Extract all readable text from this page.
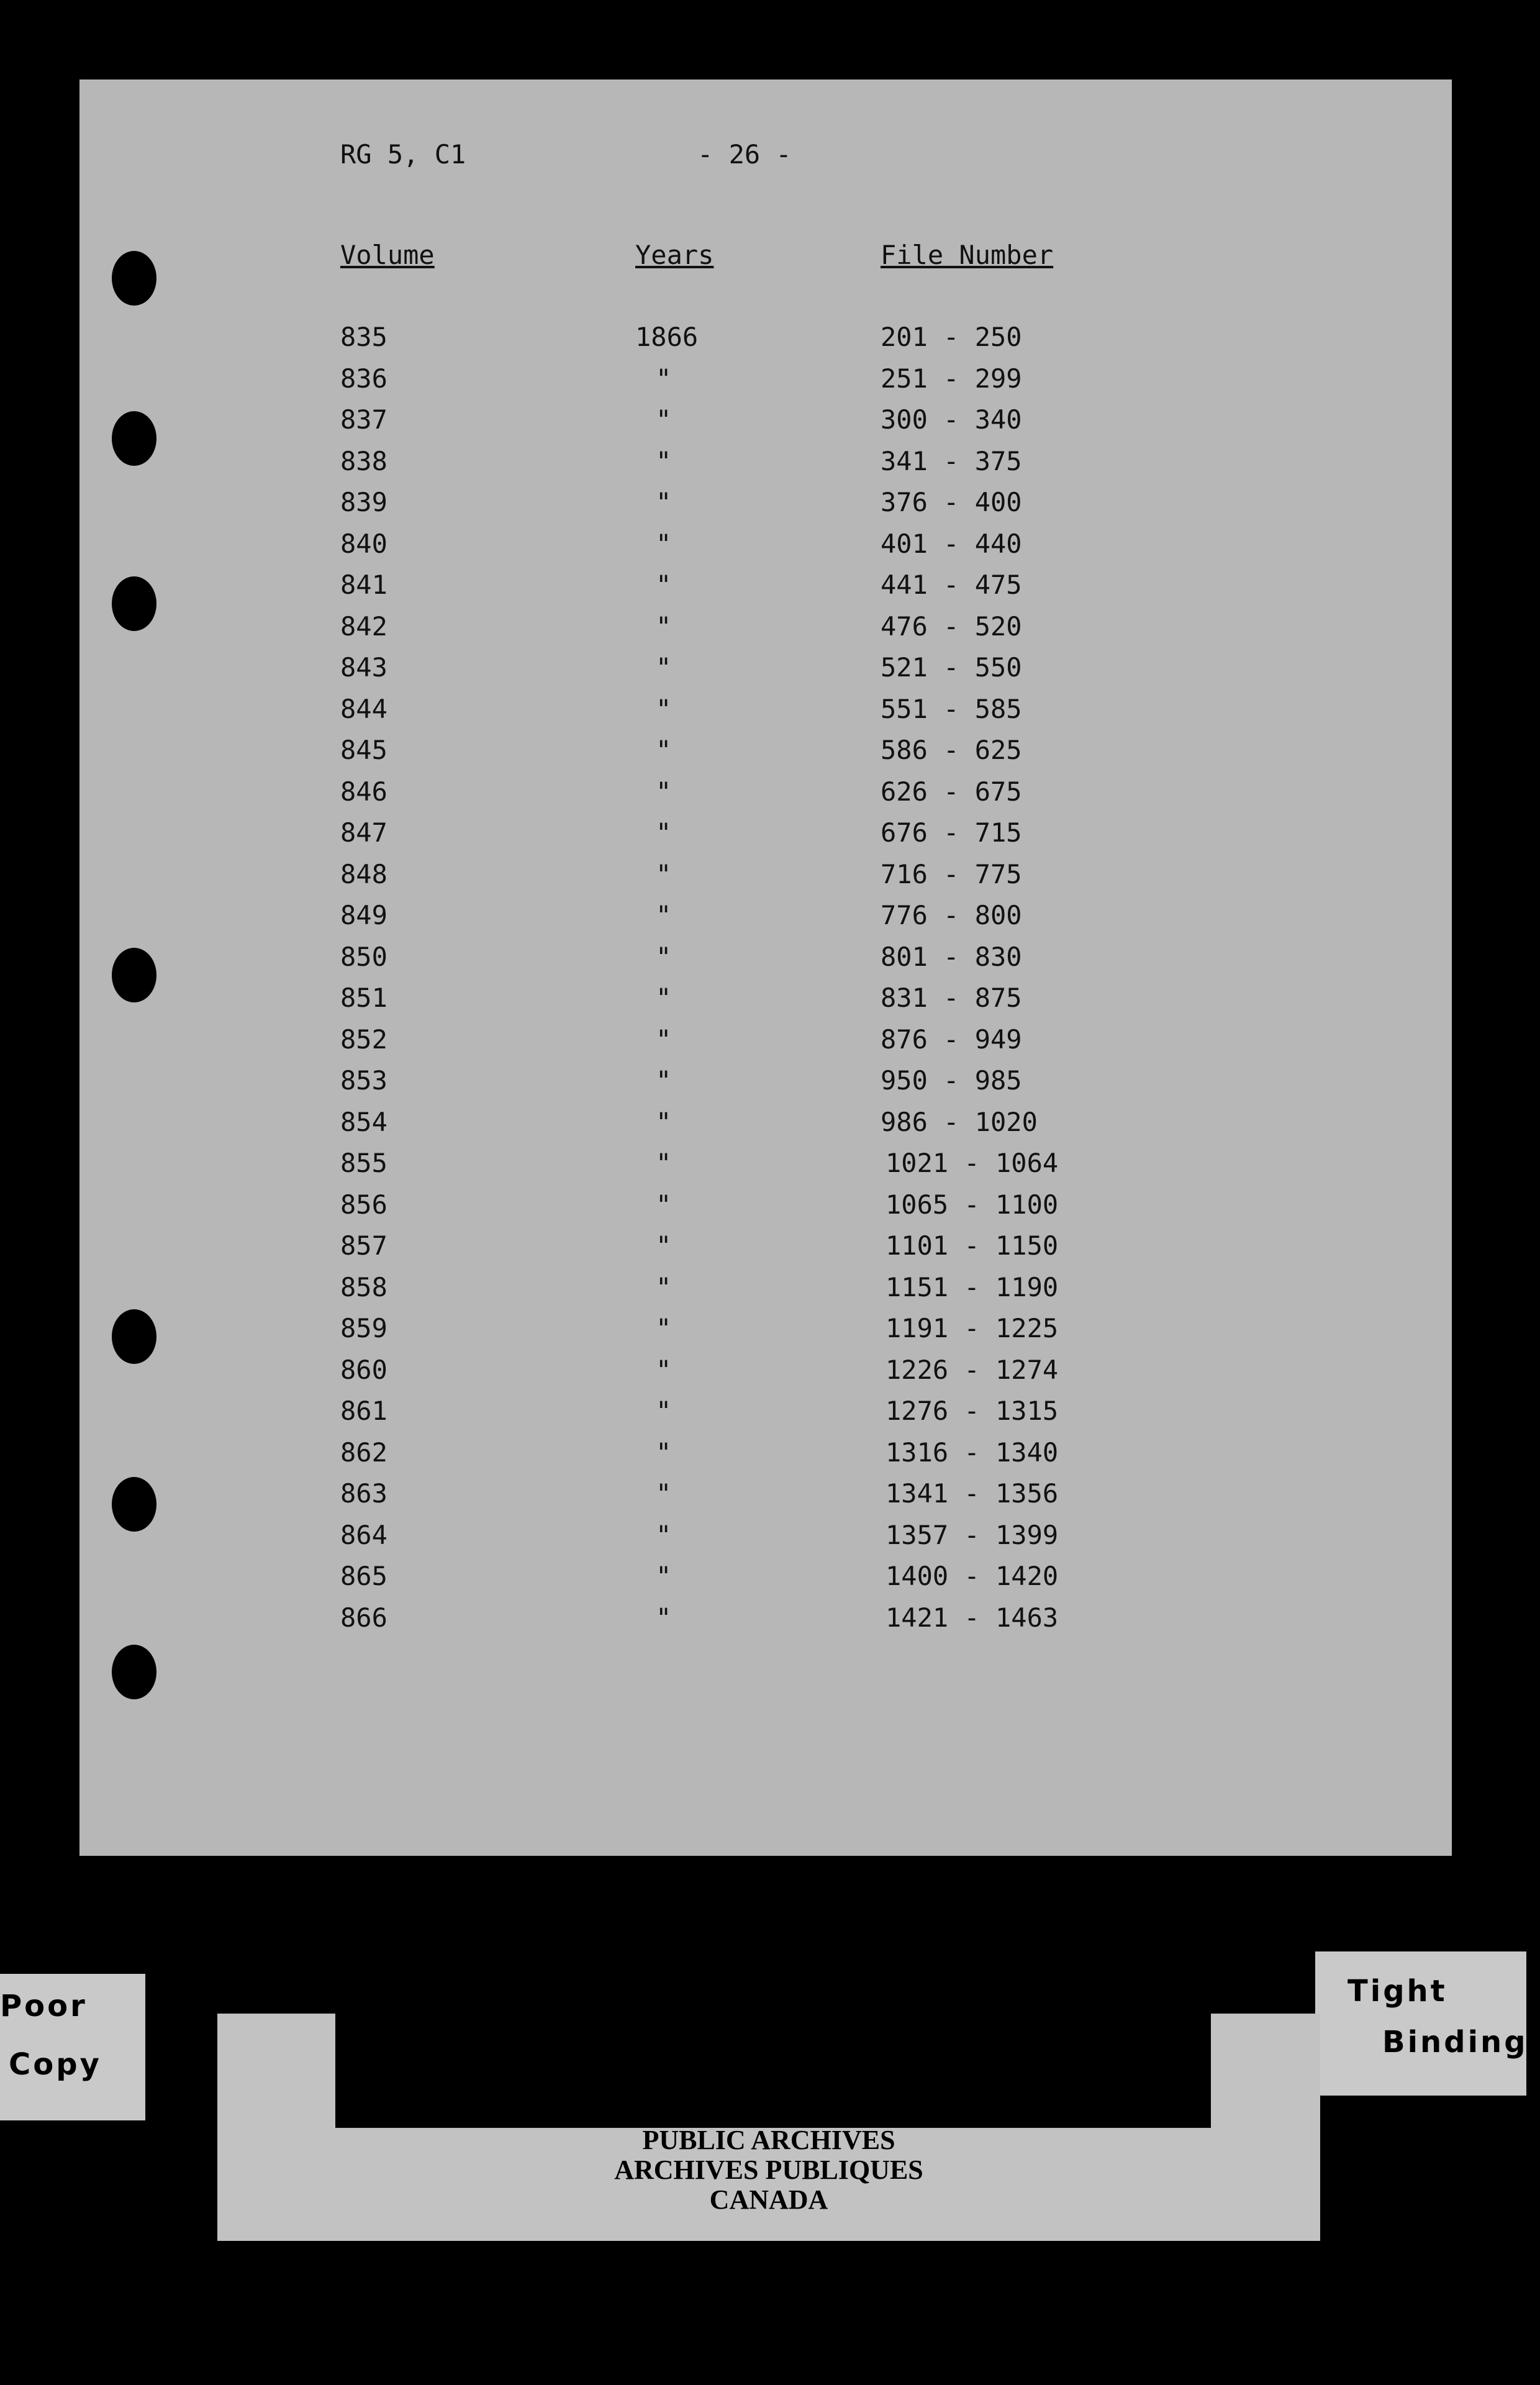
RG 5, C1	- 26 -
Volume	Years	File Number
835	1866	201 - 250
836	"	251 - 299
837	"	300 - 340
838	"	341 - 375
839	"	376 - 400
840	"	401 - 440
841	"	441 - 475
842	"	476 - 520
843	"	521 - 550
844	"	551 - 585
845	"	586 - 625
846	"	626 - 675
847	"	676 - 715
848	"	716 - 775
849	"	776 - 800
850	"	801 - 830
851	"	831 - 875
852	"	876 - 949
853	"	950 - 985
854	"	986 - 1020
855	"	1021 - 1064
856	"	1065 - 1100
857	"	1101 - 1150
858	"	1151 - 1190
859	"	1191 - 1225
860	"	1226 - 1274
861	"	1276 - 1315
862	"	1316 - 1340
863	"	1341 - 1356
864	"	1357 - 1399
865	"	1400 - 1420
866	"	1421 - 1463
Poor
Copy
Tight
Binding
PUBLIC ARCHIVES
ARCHIVES PUBLIQUES
CANADA
